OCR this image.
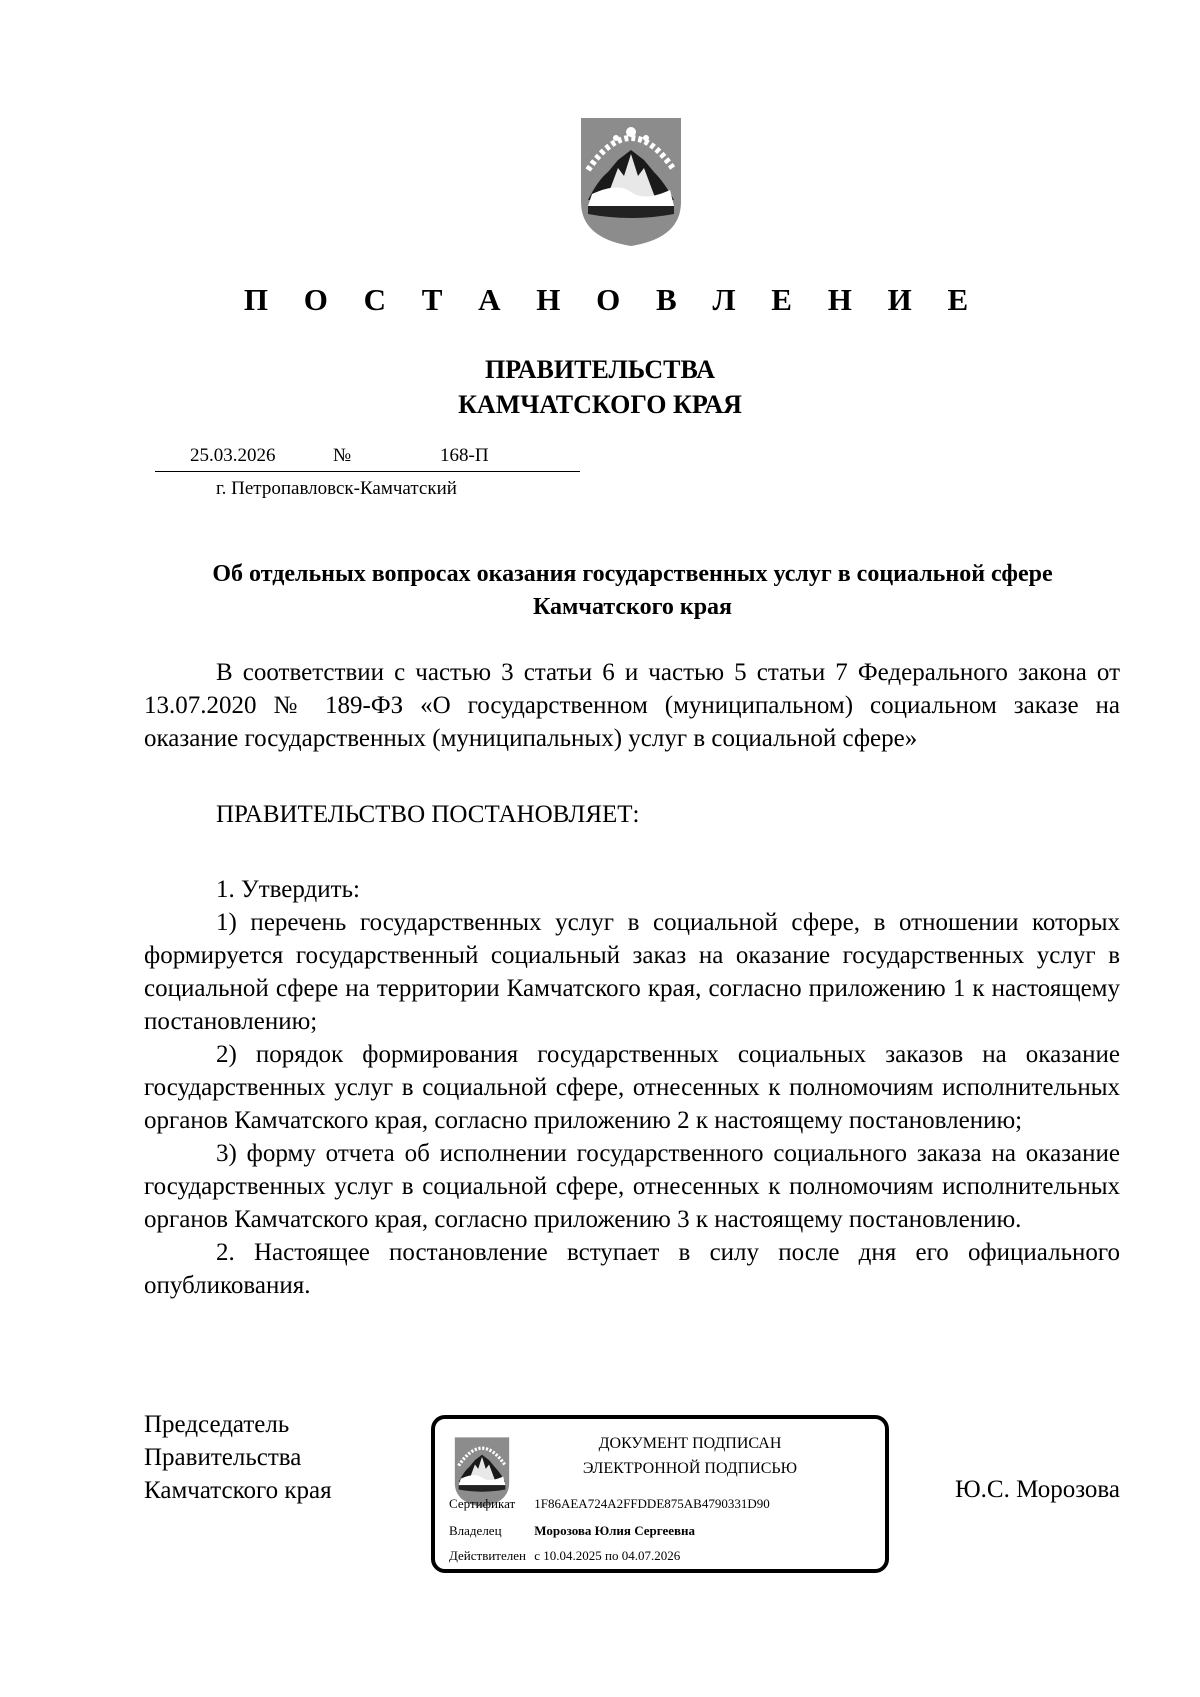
П О С Т А Н О В Л Е Н И Е
ПРАВИТЕЛЬСТВА
КАМЧАТСКОГО КРАЯ
25.03.2026	№	168-П
г. Петропавловск-Камчатский
Об отдельных вопросах оказания государственных услуг в социальной сфере Камчатского края

В соответствии с частью 3 статьи 6 и частью 5 статьи 7 Федерального закона от 13.07.2020 № 189-ФЗ «О государственном (муниципальном) социальном заказе на оказание государственных (муниципальных) услуг в социальной сфере»

ПРАВИТЕЛЬСТВО ПОСТАНОВЛЯЕТ:

1. Утвердить:

1) перечень государственных услуг в социальной сфере, в отношении которых формируется государственный социальный заказ на оказание государственных услуг в социальной сфере на территории Камчатского края, согласно приложению 1 к настоящему постановлению;

2) порядок формирования государственных социальных заказов на оказание государственных услуг в социальной сфере, отнесенных к полномочиям исполнительных органов Камчатского края, согласно приложению 2 к настоящему постановлению;

3) форму отчета об исполнении государственного социального заказа на оказание государственных услуг в социальной сфере, отнесенных к полномочиям исполнительных органов Камчатского края, согласно приложению 3 к настоящему постановлению.

2. Настоящее постановление вступает в силу после дня его официального опубликования.

Председатель
Правительства
Камчатского края
ДОКУМЕНТ ПОДПИСАН
ЭЛЕКТРОННОЙ ПОДПИСЬЮ
Сертификат 1F86AEA724A2FFDDE875AB4790331D90
Владелец	Морозова Юлия Сергеевна
Действителен с 10.04.2025 по 04.07.2026
Ю.С. Морозова
